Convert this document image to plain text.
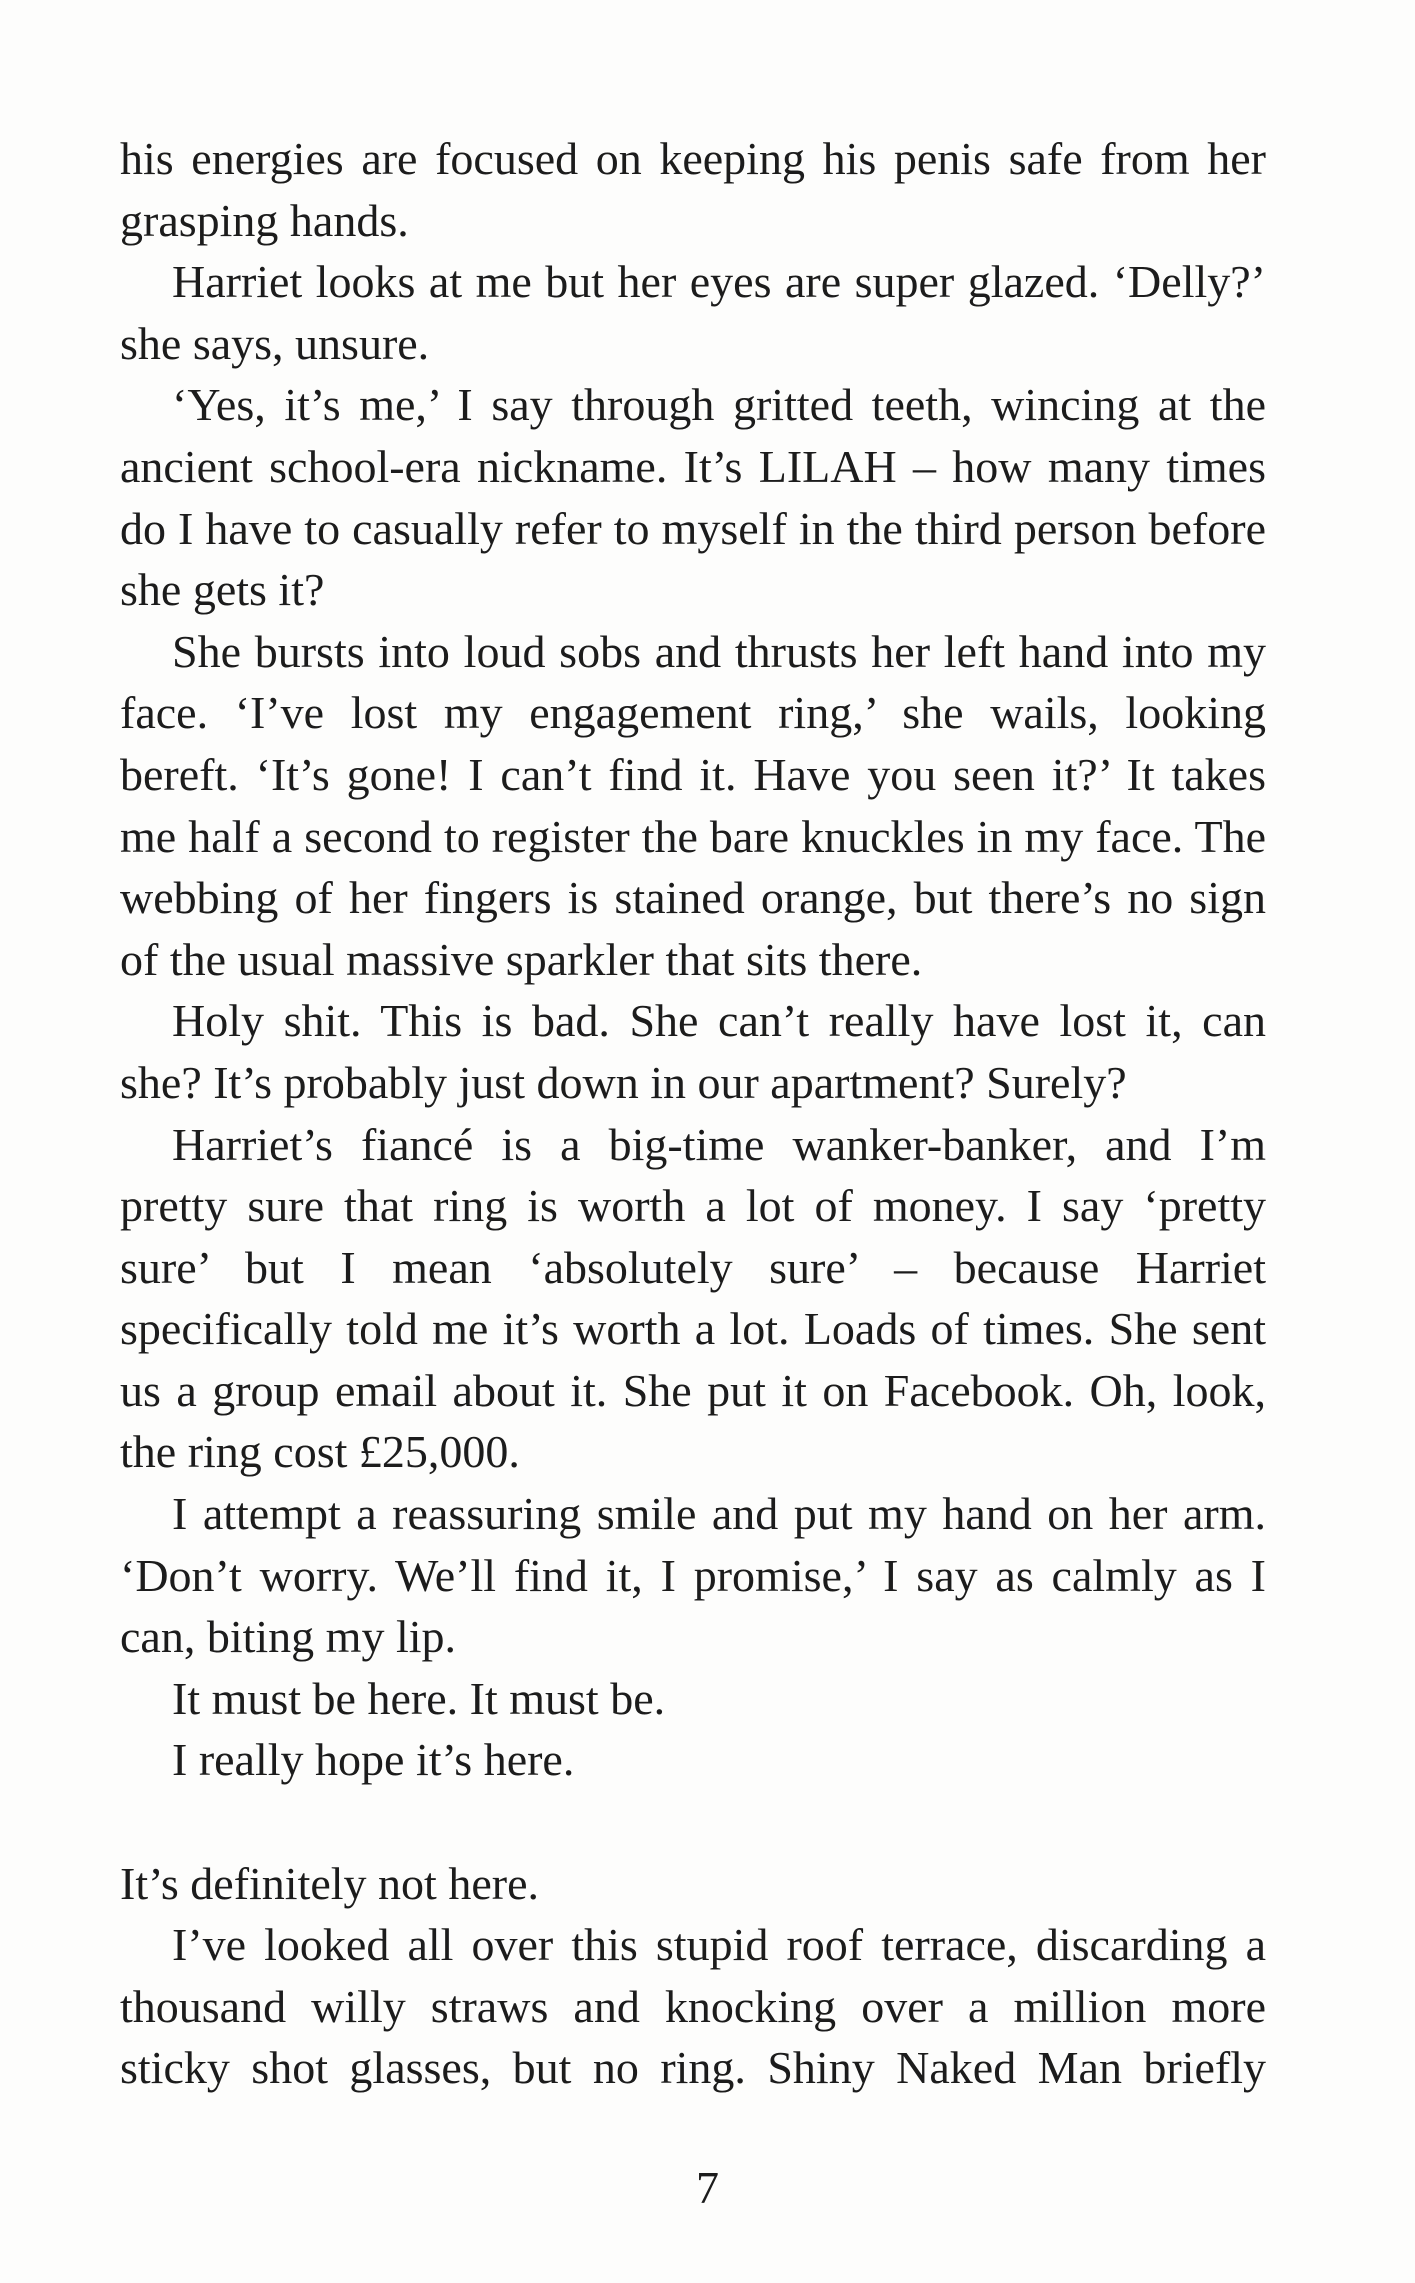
his energies are focused on keeping his penis safe from her grasping hands.

Harriet looks at me but her eyes are super glazed. ‘Delly?’ she says, unsure.

‘Yes, it’s me,’ I say through gritted teeth, wincing at the ancient school-era nickname. It’s LILAH – how many times do I have to casually refer to myself in the third person before she gets it?

She bursts into loud sobs and thrusts her left hand into my face. ‘I’ve lost my engagement ring,’ she wails, looking bereft. ‘It’s gone! I can’t find it. Have you seen it?’ It takes me half a second to register the bare knuckles in my face. The webbing of her fingers is stained orange, but there’s no sign of the usual massive sparkler that sits there.

Holy shit. This is bad. She can’t really have lost it, can she? It’s probably just down in our apartment? Surely?

Harriet’s fiancé is a big-time wanker-banker, and I’m pretty sure that ring is worth a lot of money. I say ‘pretty sure’ but I mean ‘absolutely sure’ – because Harriet specifically told me it’s worth a lot. Loads of times. She sent us a group email about it. She put it on Facebook. Oh, look, the ring cost £25,000.

I attempt a reassuring smile and put my hand on her arm. ‘Don’t worry. We’ll find it, I promise,’ I say as calmly as I can, biting my lip.

It must be here. It must be.

I really hope it’s here.

It’s definitely not here.

I’ve looked all over this stupid roof terrace, discarding a thousand willy straws and knocking over a million more sticky shot glasses, but no ring. Shiny Naked Man briefly

7
